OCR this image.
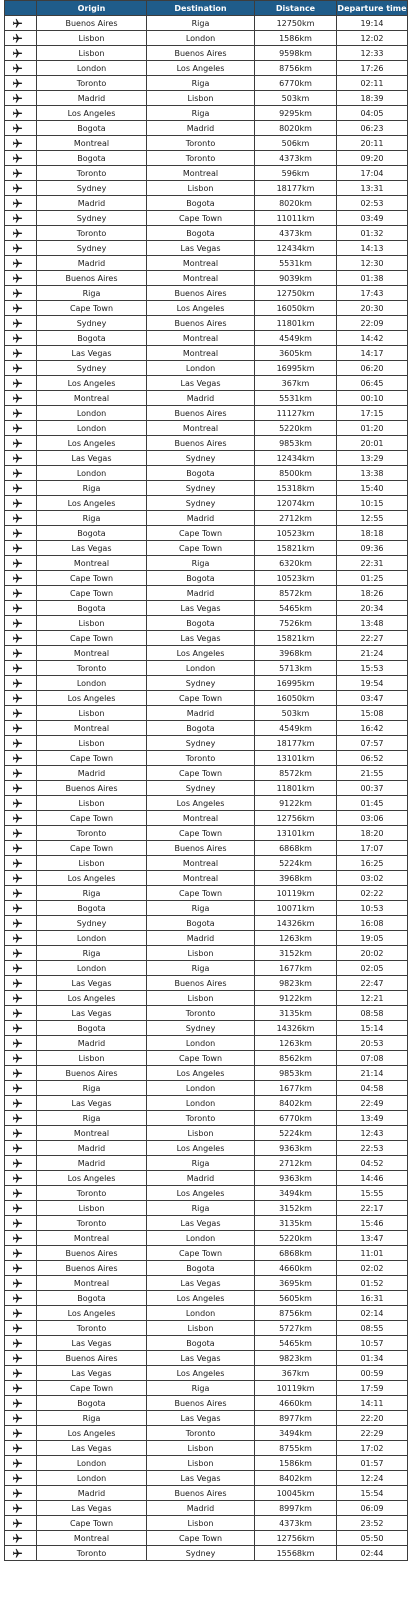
	Origin	Destination	Distance	Departure time

	Buenos Aires	Riga	12750km	19:14

	Lisbon	London	1586km	12:02

	Lisbon	Buenos Aires	9598km	12:33

	London	Los Angeles	8756km	17:26

	Toronto	Riga	6770km	02:11

	Madrid	Lisbon	503km	18:39

	Los Angeles	Riga	9295km	04:05

	Bogota	Madrid	8020km	06:23

	Montreal	Toronto	506km	20:11

	Bogota	Toronto	4373km	09:20

	Toronto	Montreal	596km	17:04

	Sydney	Lisbon	18177km	13:31

	Madrid	Bogota	8020km	02:53

	Sydney	Cape Town	11011km	03:49

	Toronto	Bogota	4373km	01:32

	Sydney	Las Vegas	12434km	14:13

	Madrid	Montreal	5531km	12:30

	Buenos Aires	Montreal	9039km	01:38

	Riga	Buenos Aires	12750km	17:43

	Cape Town	Los Angeles	16050km	20:30

	Sydney	Buenos Aires	11801km	22:09

	Bogota	Montreal	4549km	14:42

	Las Vegas	Montreal	3605km	14:17

	Sydney	London	16995km	06:20

	Los Angeles	Las Vegas	367km	06:45

	Montreal	Madrid	5531km	00:10

	London	Buenos Aires	11127km	17:15

	London	Montreal	5220km	01:20

	Los Angeles	Buenos Aires	9853km	20:01

	Las Vegas	Sydney	12434km	13:29

	London	Bogota	8500km	13:38

	Riga	Sydney	15318km	15:40

	Los Angeles	Sydney	12074km	10:15

	Riga	Madrid	2712km	12:55

	Bogota	Cape Town	10523km	18:18

	Las Vegas	Cape Town	15821km	09:36

	Montreal	Riga	6320km	22:31

	Cape Town	Bogota	10523km	01:25

	Cape Town	Madrid	8572km	18:26

	Bogota	Las Vegas	5465km	20:34

	Lisbon	Bogota	7526km	13:48

	Cape Town	Las Vegas	15821km	22:27

	Montreal	Los Angeles	3968km	21:24

	Toronto	London	5713km	15:53

	London	Sydney	16995km	19:54

	Los Angeles	Cape Town	16050km	03:47

	Lisbon	Madrid	503km	15:08

	Montreal	Bogota	4549km	16:42

	Lisbon	Sydney	18177km	07:57

	Cape Town	Toronto	13101km	06:52

	Madrid	Cape Town	8572km	21:55

	Buenos Aires	Sydney	11801km	00:37

	Lisbon	Los Angeles	9122km	01:45

	Cape Town	Montreal	12756km	03:06

	Toronto	Cape Town	13101km	18:20

	Cape Town	Buenos Aires	6868km	17:07

	Lisbon	Montreal	5224km	16:25

	Los Angeles	Montreal	3968km	03:02

	Riga	Cape Town	10119km	02:22

	Bogota	Riga	10071km	10:53

	Sydney	Bogota	14326km	16:08

	London	Madrid	1263km	19:05

	Riga	Lisbon	3152km	20:02

	London	Riga	1677km	02:05

	Las Vegas	Buenos Aires	9823km	22:47

	Los Angeles	Lisbon	9122km	12:21

	Las Vegas	Toronto	3135km	08:58

	Bogota	Sydney	14326km	15:14

	Madrid	London	1263km	20:53

	Lisbon	Cape Town	8562km	07:08

	Buenos Aires	Los Angeles	9853km	21:14

	Riga	London	1677km	04:58

	Las Vegas	London	8402km	22:49

	Riga	Toronto	6770km	13:49

	Montreal	Lisbon	5224km	12:43

	Madrid	Los Angeles	9363km	22:53

	Madrid	Riga	2712km	04:52

	Los Angeles	Madrid	9363km	14:46

	Toronto	Los Angeles	3494km	15:55

	Lisbon	Riga	3152km	22:17

	Toronto	Las Vegas	3135km	15:46

	Montreal	London	5220km	13:47

	Buenos Aires	Cape Town	6868km	11:01

	Buenos Aires	Bogota	4660km	02:02

	Montreal	Las Vegas	3695km	01:52

	Bogota	Los Angeles	5605km	16:31

	Los Angeles	London	8756km	02:14

	Toronto	Lisbon	5727km	08:55

	Las Vegas	Bogota	5465km	10:57

	Buenos Aires	Las Vegas	9823km	01:34

	Las Vegas	Los Angeles	367km	00:59

	Cape Town	Riga	10119km	17:59

	Bogota	Buenos Aires	4660km	14:11

	Riga	Las Vegas	8977km	22:20

	Los Angeles	Toronto	3494km	22:29

	Las Vegas	Lisbon	8755km	17:02

	London	Lisbon	1586km	01:57

	London	Las Vegas	8402km	12:24

	Madrid	Buenos Aires	10045km	15:54

	Las Vegas	Madrid	8997km	06:09

	Cape Town	Lisbon	4373km	23:52

	Montreal	Cape Town	12756km	05:50

	Toronto	Sydney	15568km	02:44
